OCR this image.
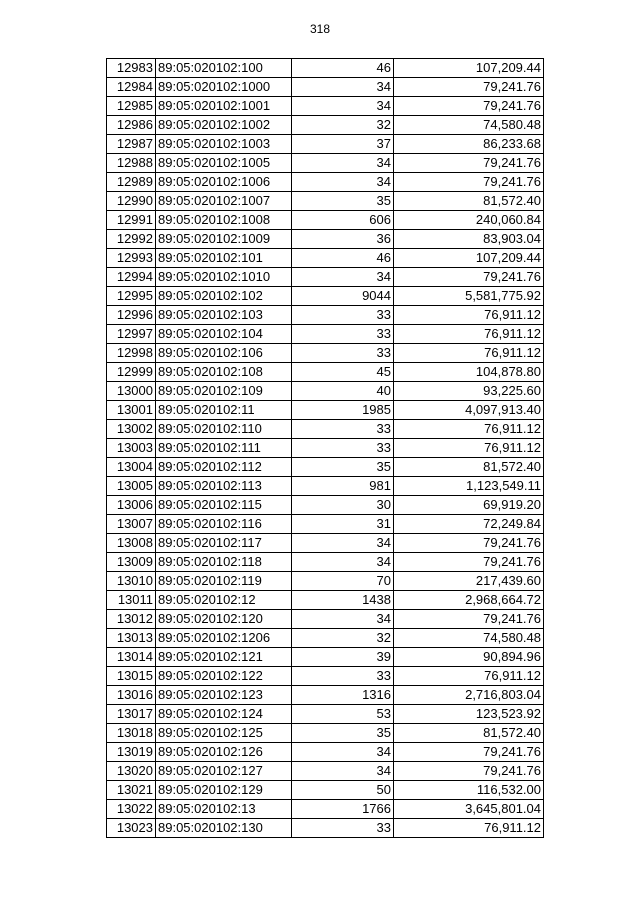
318
12983	89:05:020102:100	46	107,209.44
12984	89:05:020102:1000	34	79,241.76
12985	89:05:020102:1001	34	79,241.76
12986	89:05:020102:1002	32	74,580.48
12987	89:05:020102:1003	37	86,233.68
12988	89:05:020102:1005	34	79,241.76
12989	89:05:020102:1006	34	79,241.76
12990	89:05:020102:1007	35	81,572.40
12991	89:05:020102:1008	606	240,060.84
12992	89:05:020102:1009	36	83,903.04
12993	89:05:020102:101	46	107,209.44
12994	89:05:020102:1010	34	79,241.76
12995	89:05:020102:102	9044	5,581,775.92
12996	89:05:020102:103	33	76,911.12
12997	89:05:020102:104	33	76,911.12
12998	89:05:020102:106	33	76,911.12
12999	89:05:020102:108	45	104,878.80
13000	89:05:020102:109	40	93,225.60
13001	89:05:020102:11	1985	4,097,913.40
13002	89:05:020102:110	33	76,911.12
13003	89:05:020102:111	33	76,911.12
13004	89:05:020102:112	35	81,572.40
13005	89:05:020102:113	981	1,123,549.11
13006	89:05:020102:115	30	69,919.20
13007	89:05:020102:116	31	72,249.84
13008	89:05:020102:117	34	79,241.76
13009	89:05:020102:118	34	79,241.76
13010	89:05:020102:119	70	217,439.60
13011	89:05:020102:12	1438	2,968,664.72
13012	89:05:020102:120	34	79,241.76
13013	89:05:020102:1206	32	74,580.48
13014	89:05:020102:121	39	90,894.96
13015	89:05:020102:122	33	76,911.12
13016	89:05:020102:123	1316	2,716,803.04
13017	89:05:020102:124	53	123,523.92
13018	89:05:020102:125	35	81,572.40
13019	89:05:020102:126	34	79,241.76
13020	89:05:020102:127	34	79,241.76
13021	89:05:020102:129	50	116,532.00
13022	89:05:020102:13	1766	3,645,801.04
13023	89:05:020102:130	33	76,911.12
